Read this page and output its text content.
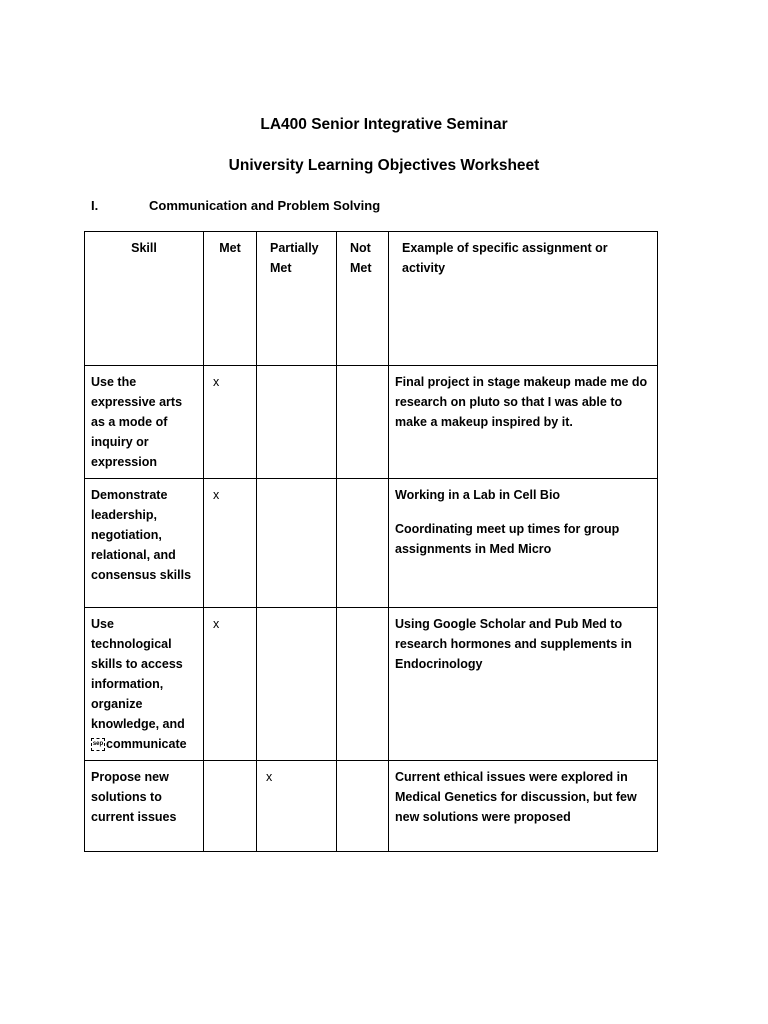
LA400 Senior Integrative Seminar
University Learning Objectives Worksheet
I.	Communication and Problem Solving
Skill	Met	Partially Met	Not Met	Example of specific assignment or activity
Use the expressive arts as a mode of inquiry or expression	x			Final project in stage makeup made me do research on pluto so that I was able to make a makeup inspired by it.

Demonstrate leadership, negotiation, relational, and consensus skills	x			Working in a Lab in Cell Bio

Coordinating meet up times for group assignments in Med Micro

Use technological skills to access information, organize knowledge, and
sep communicate	x			Using Google Scholar and Pub Med to research hormones and supplements in Endocrinology

Propose new solutions to current issues		x		Current ethical issues were explored in Medical Genetics for discussion, but few new solutions were proposed
